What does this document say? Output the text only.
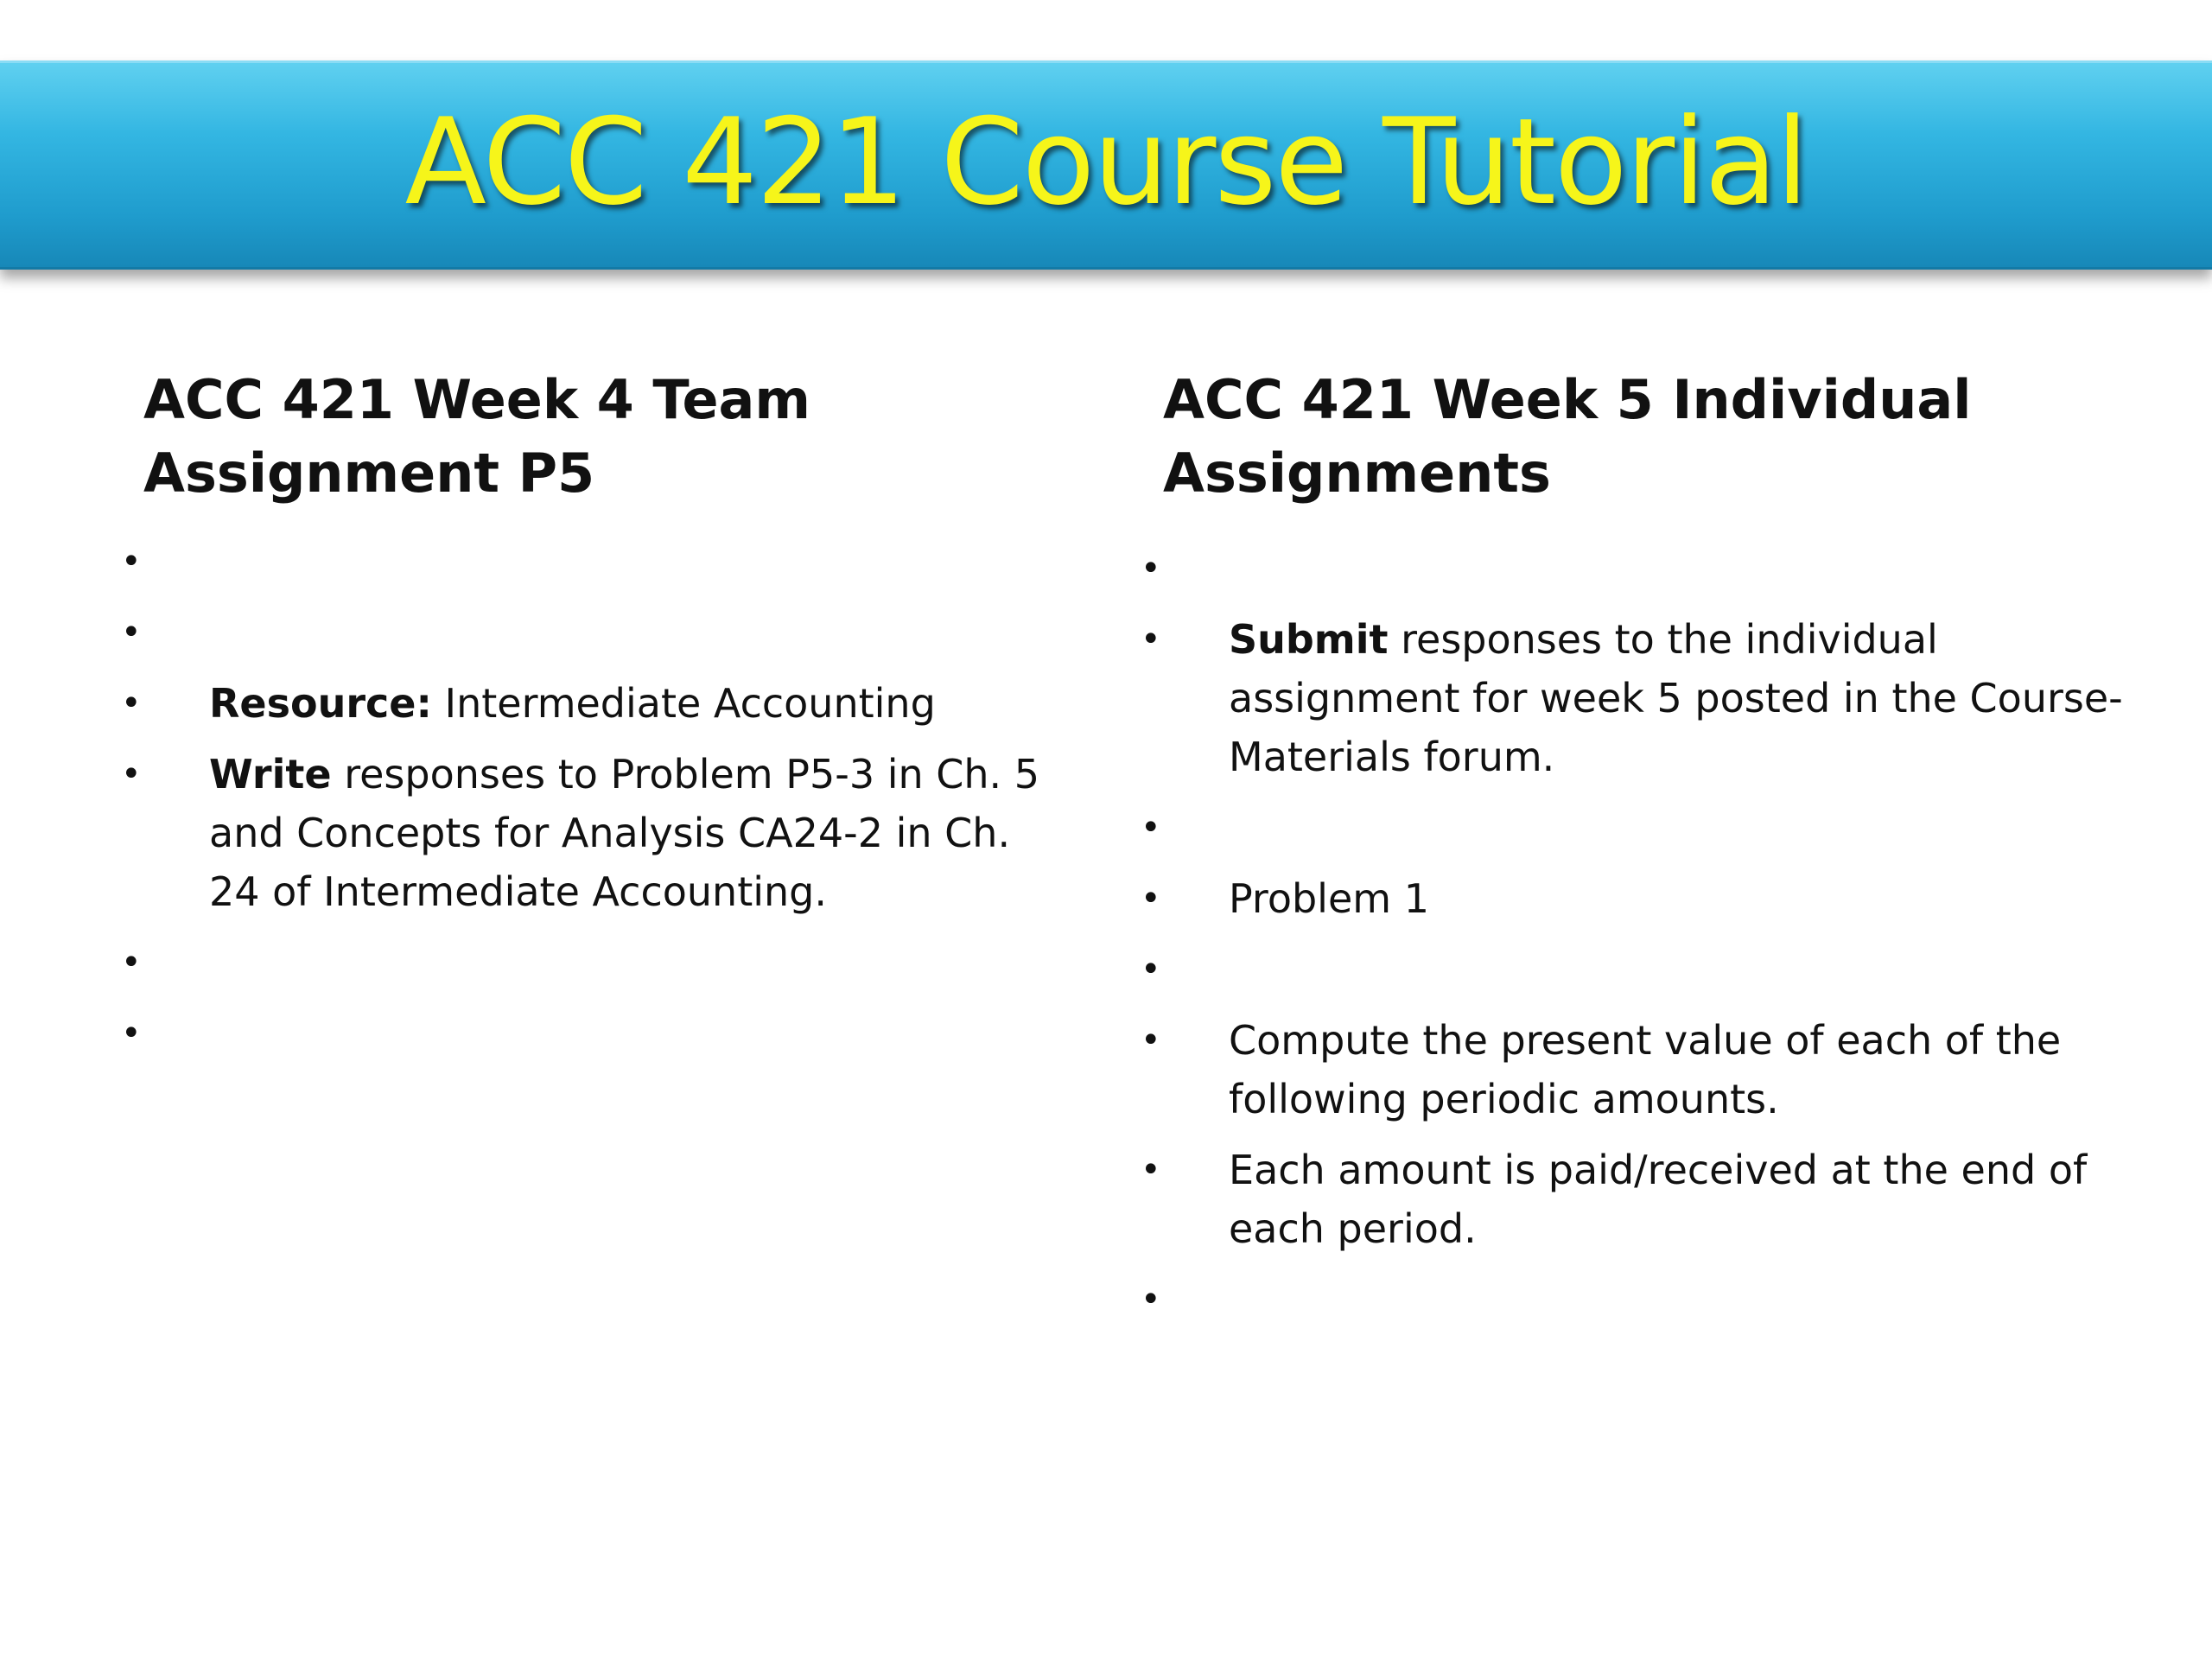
ACC 421 Course Tutorial
ACC 421 Week 4 Team Assignment P5
•
•
•	Resource: Intermediate Accounting
•	Write responses to Problem P5-3 in Ch. 5 and Concepts for Analysis CA24-2 in Ch. 24 of Intermediate Accounting.
•
•
ACC 421 Week 5 Individual Assignments
•
•	Submit responses to the individual assignment for week 5 posted in the Course-Materials forum.
•
•	Problem 1
•
•	Compute the present value of each of the following periodic amounts.
•	Each amount is paid/received at the end of each period.
•
